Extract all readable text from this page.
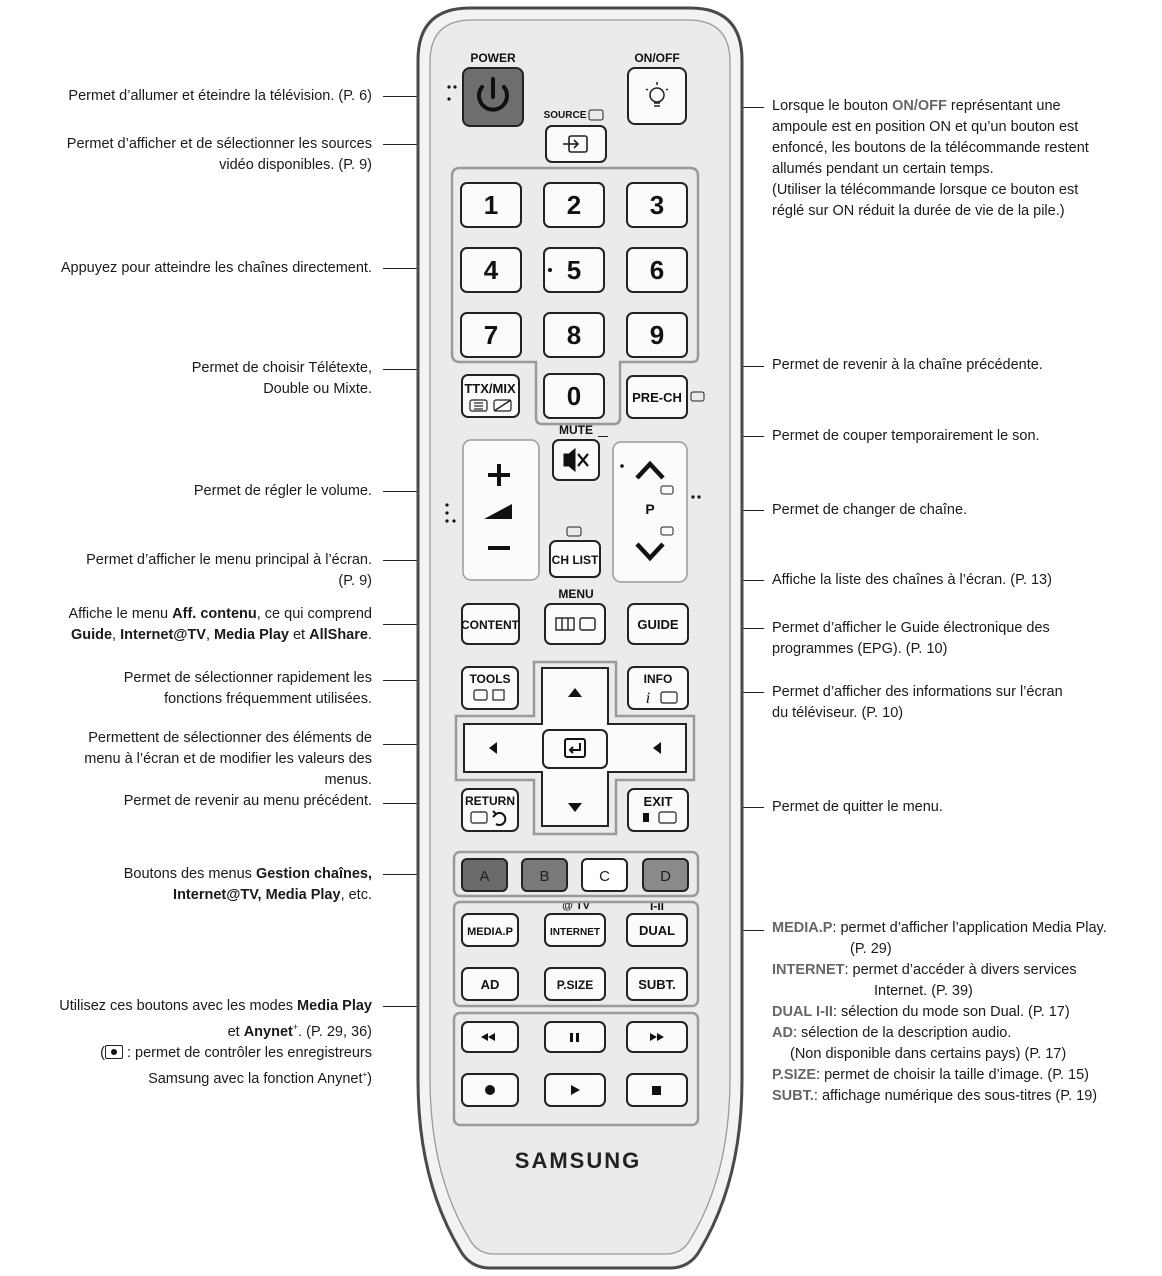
Permet d’allumer et éteindre la télévision. (P. 6)
Permet d’afficher et de sélectionner les sources
vidéo disponibles. (P. 9)
Appuyez pour atteindre les chaînes directement.
Permet de choisir Télétexte,
Double ou Mixte.
Permet de régler le volume.
Permet d’afficher le menu principal à l’écran.
(P. 9)
Affiche le menu Aff. contenu, ce qui comprend
Guide, Internet@TV, Media Play et AllShare.
Permet de sélectionner rapidement les
fonctions fréquemment utilisées.
Permettent de sélectionner des éléments de
menu à l’écran et de modifier les valeurs des
menus.
Permet de revenir au menu précédent.
Boutons des menus Gestion chaînes,
Internet@TV, Media Play, etc.
Utilisez ces boutons avec les modes Media Play
et Anynet+. (P. 29, 36)
(
: permet de contrôler les enregistreurs
Samsung avec la fonction Anynet+)
Lorsque le bouton ON/OFF représentant une
ampoule est en position ON et qu’un bouton est
enfoncé, les boutons de la télécommande restent
allumés pendant un certain temps.
(Utiliser la télécommande lorsque ce bouton est
réglé sur ON réduit la durée de vie de la pile.)
Permet de revenir à la chaîne précédente.
Permet de couper temporairement le son.
Permet de changer de chaîne.
Affiche la liste des chaînes à l’écran. (P. 13)
Permet d’afficher le Guide électronique des
programmes (EPG). (P. 10)
Permet d’afficher des informations sur l’écran
du téléviseur. (P. 10)
Permet de quitter le menu.
MEDIA.P: permet d’afficher l’application Media Play.
(P. 29)
INTERNET: permet d’accéder à divers services
Internet. (P. 39)
DUAL I-II: sélection du mode son Dual. (P. 17)
AD: sélection de la description audio.
(Non disponible dans certains pays) (P. 17)
P.SIZE: permet de choisir la taille d’image. (P. 15)
SUBT.: affichage numérique des sous-titres (P. 19)
POWER	ON/OFF
SOURCE
1	2	3
4	5	6
7	8	9
0
TTX/MIX
PRE-CH
MUTE
P
CH LIST
MENU
CONTENT	GUIDE
TOOLS	INFO
i
RETURN	EXIT
A	B	C	D
@ TV	I-II
MEDIA.P	INTERNET	DUAL
AD	P.SIZE	SUBT.
SAMSUNG
